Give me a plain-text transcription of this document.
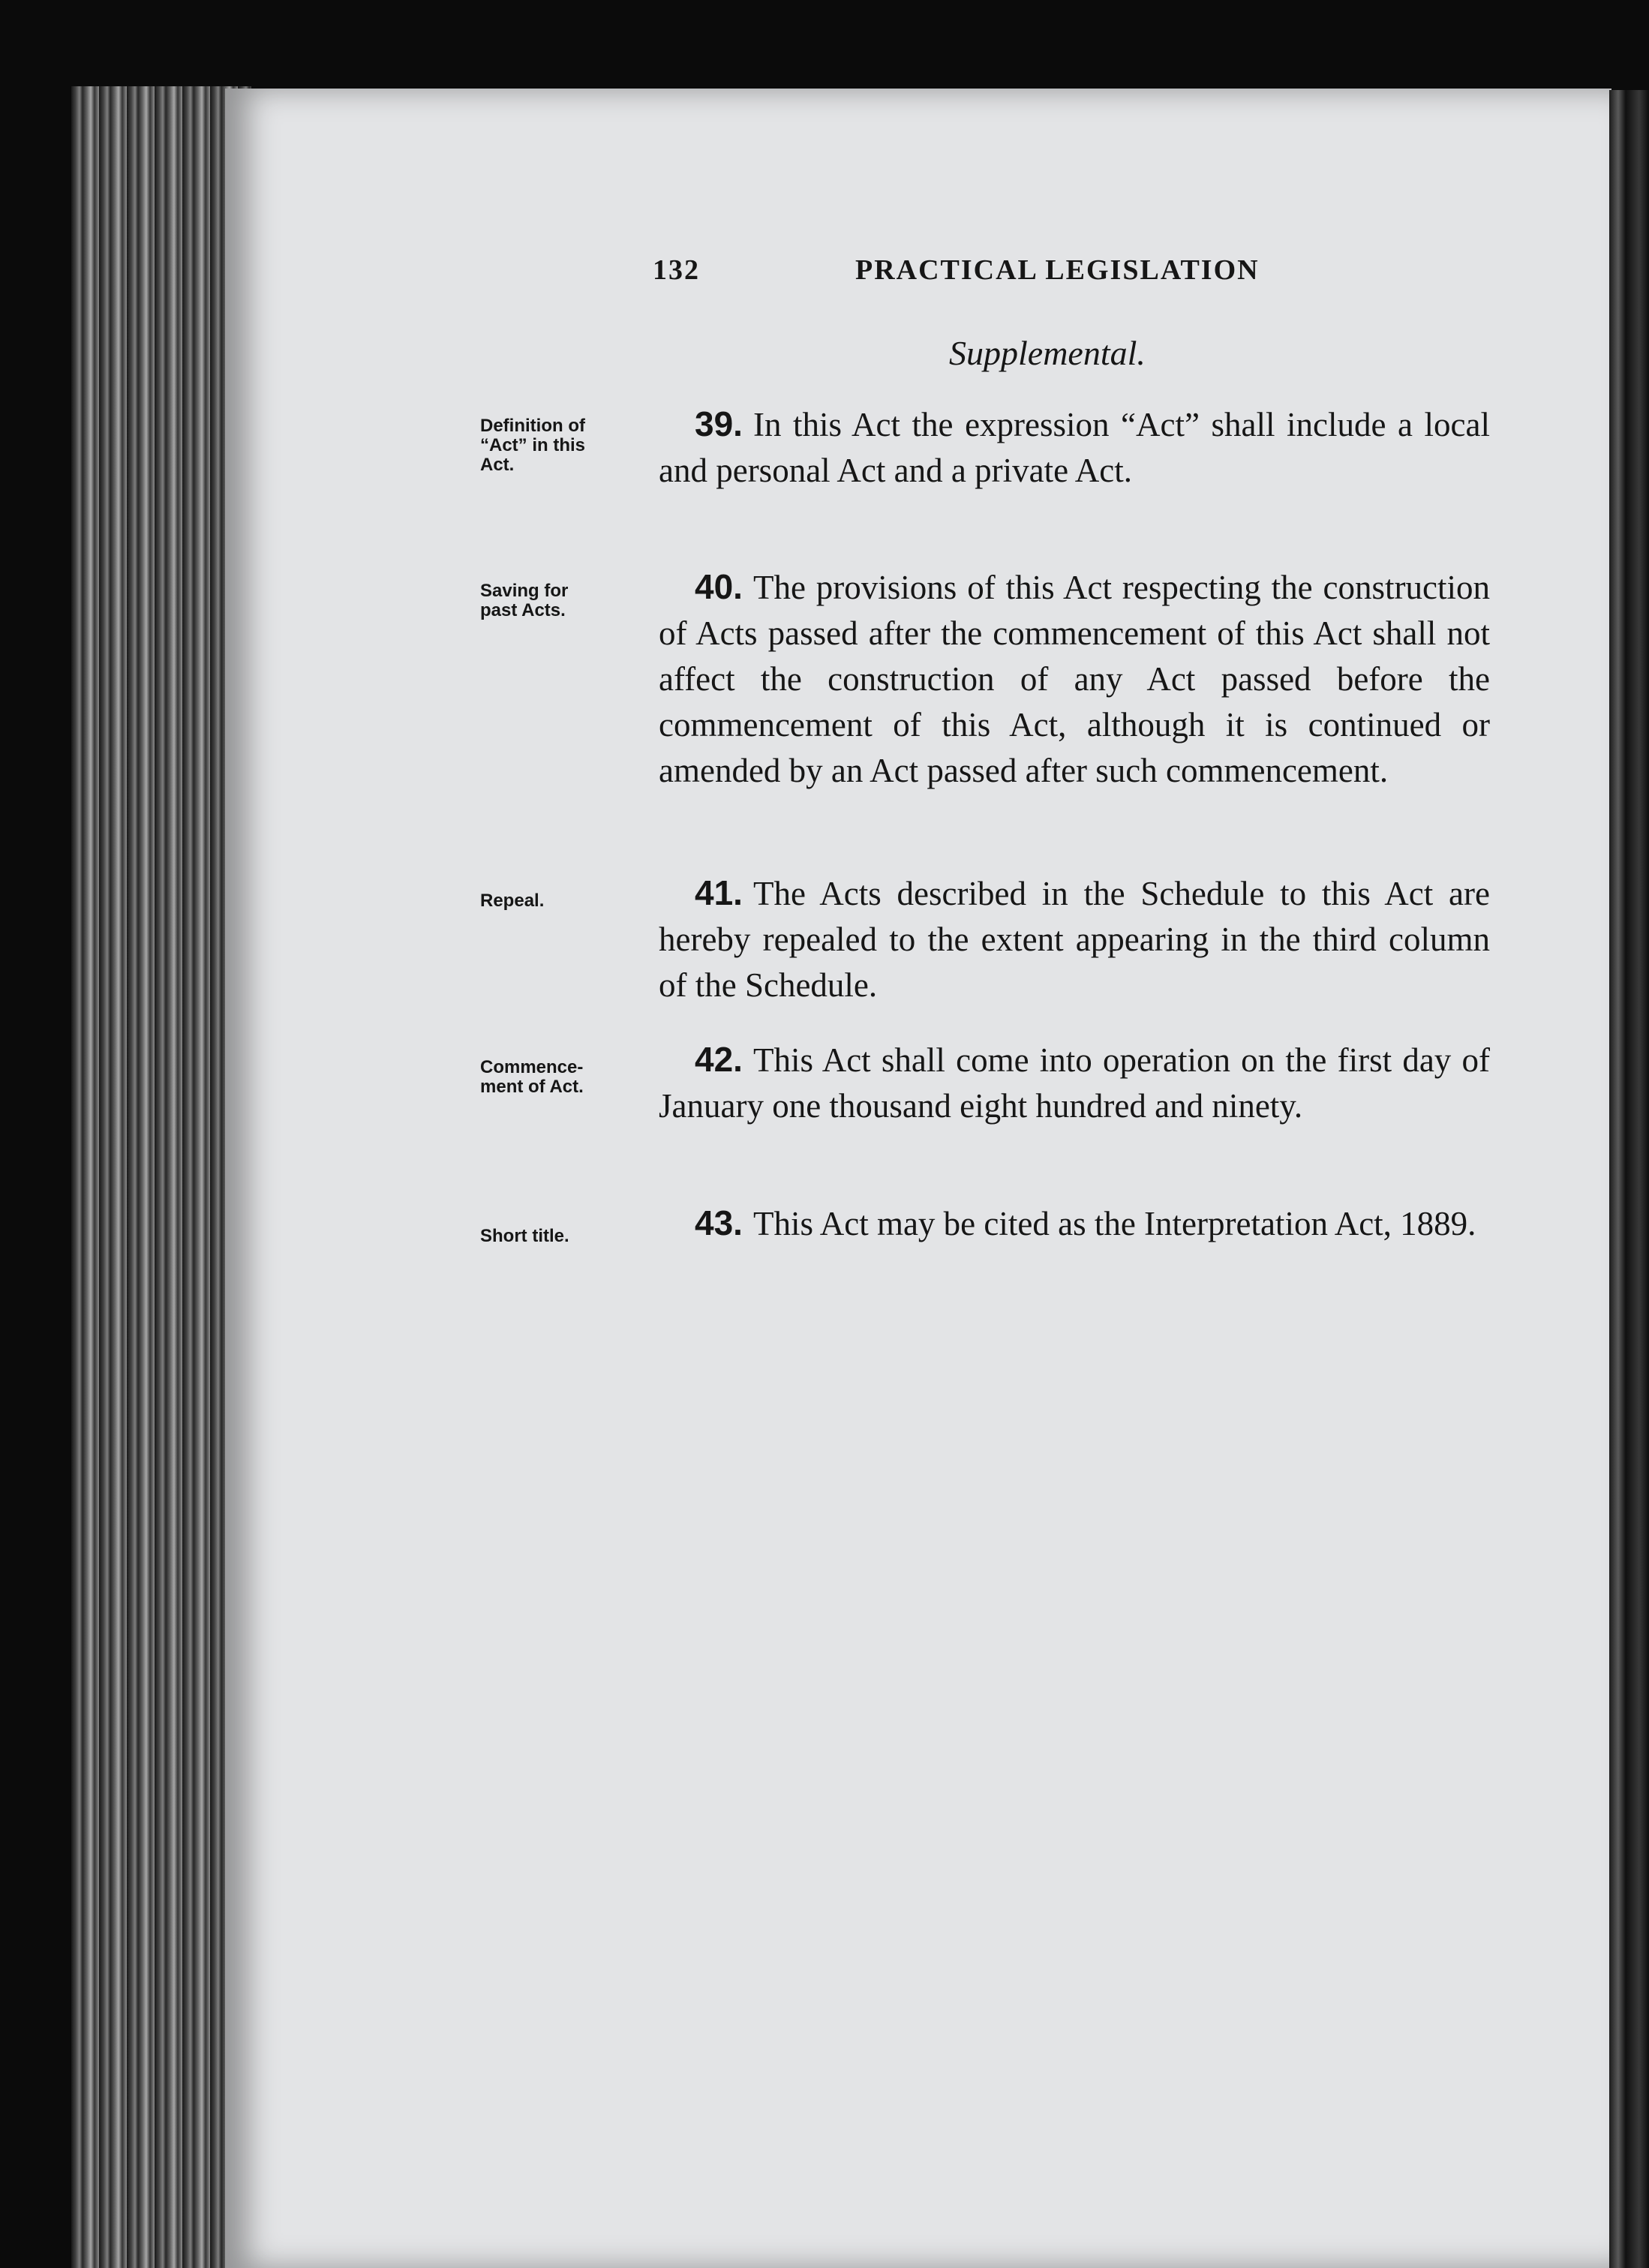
132	PRACTICAL LEGISLATION
Supplemental.
Definition of
“Act” in this
Act.
39. In this Act the expression “Act” shall include a local and personal Act and a private Act.
Saving for
past Acts.
40. The provisions of this Act respecting the construction of Acts passed after the commencement of this Act shall not affect the construction of any Act passed before the commencement of this Act, although it is continued or amended by an Act passed after such commencement.
Repeal.	41. The Acts described in the Schedule to this Act are hereby repealed to the extent appearing in the third column of the Schedule.
Commence-
ment of Act.
42. This Act shall come into operation on the first day of January one thousand eight hundred and ninety.
Short title.	43. This Act may be cited as the Interpretation Act, 1889.
